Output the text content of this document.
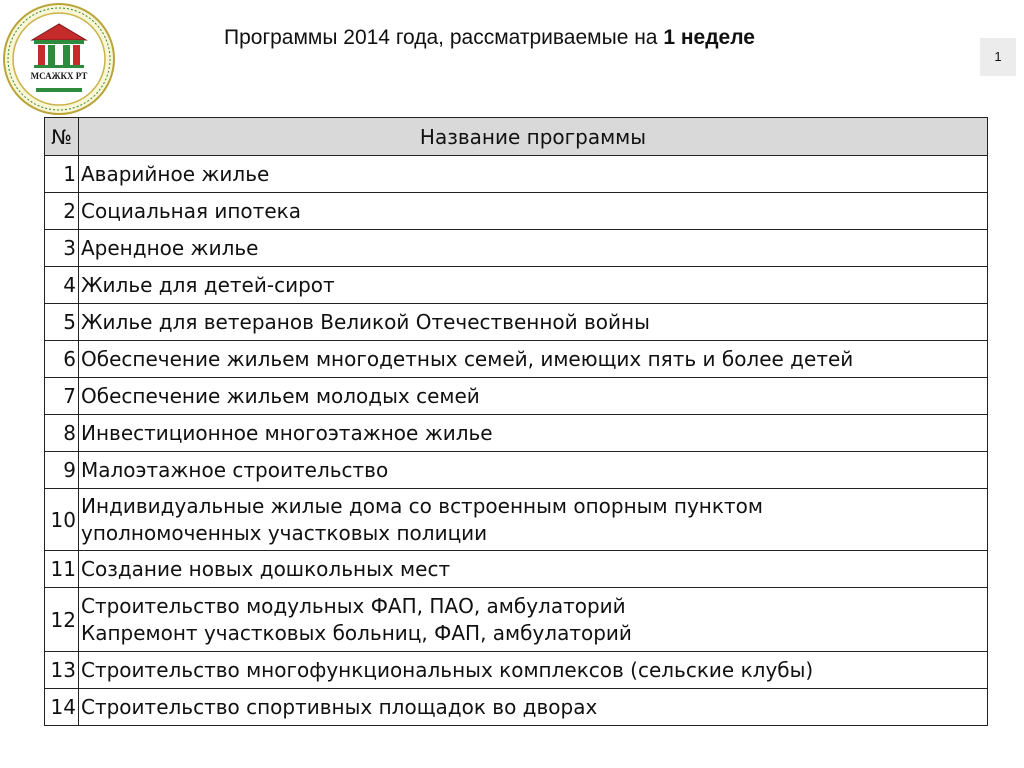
МСАЖКХ РТ
Программы 2014 года, рассматриваемые на 1 неделе
1
№	Название программы
1	Аварийное жилье

2	Социальная ипотека

3	Арендное жилье

4	Жилье для детей-сирот

5	Жилье для ветеранов Великой Отечественной войны

6	Обеспечение жильем многодетных семей, имеющих пять и более детей

7	Обеспечение жильем молодых семей

8	Инвестиционное многоэтажное жилье

9	Малоэтажное строительство

10	Индивидуальные жилые дома со встроенным опорным пунктом
уполномоченных участковых полиции

11	Создание новых дошкольных мест

12	Строительство модульных ФАП, ПАО, амбулаторий
Капремонт участковых больниц, ФАП, амбулаторий

13	Строительство многофункциональных комплексов (сельские клубы)

14	Строительство спортивных площадок во дворах
